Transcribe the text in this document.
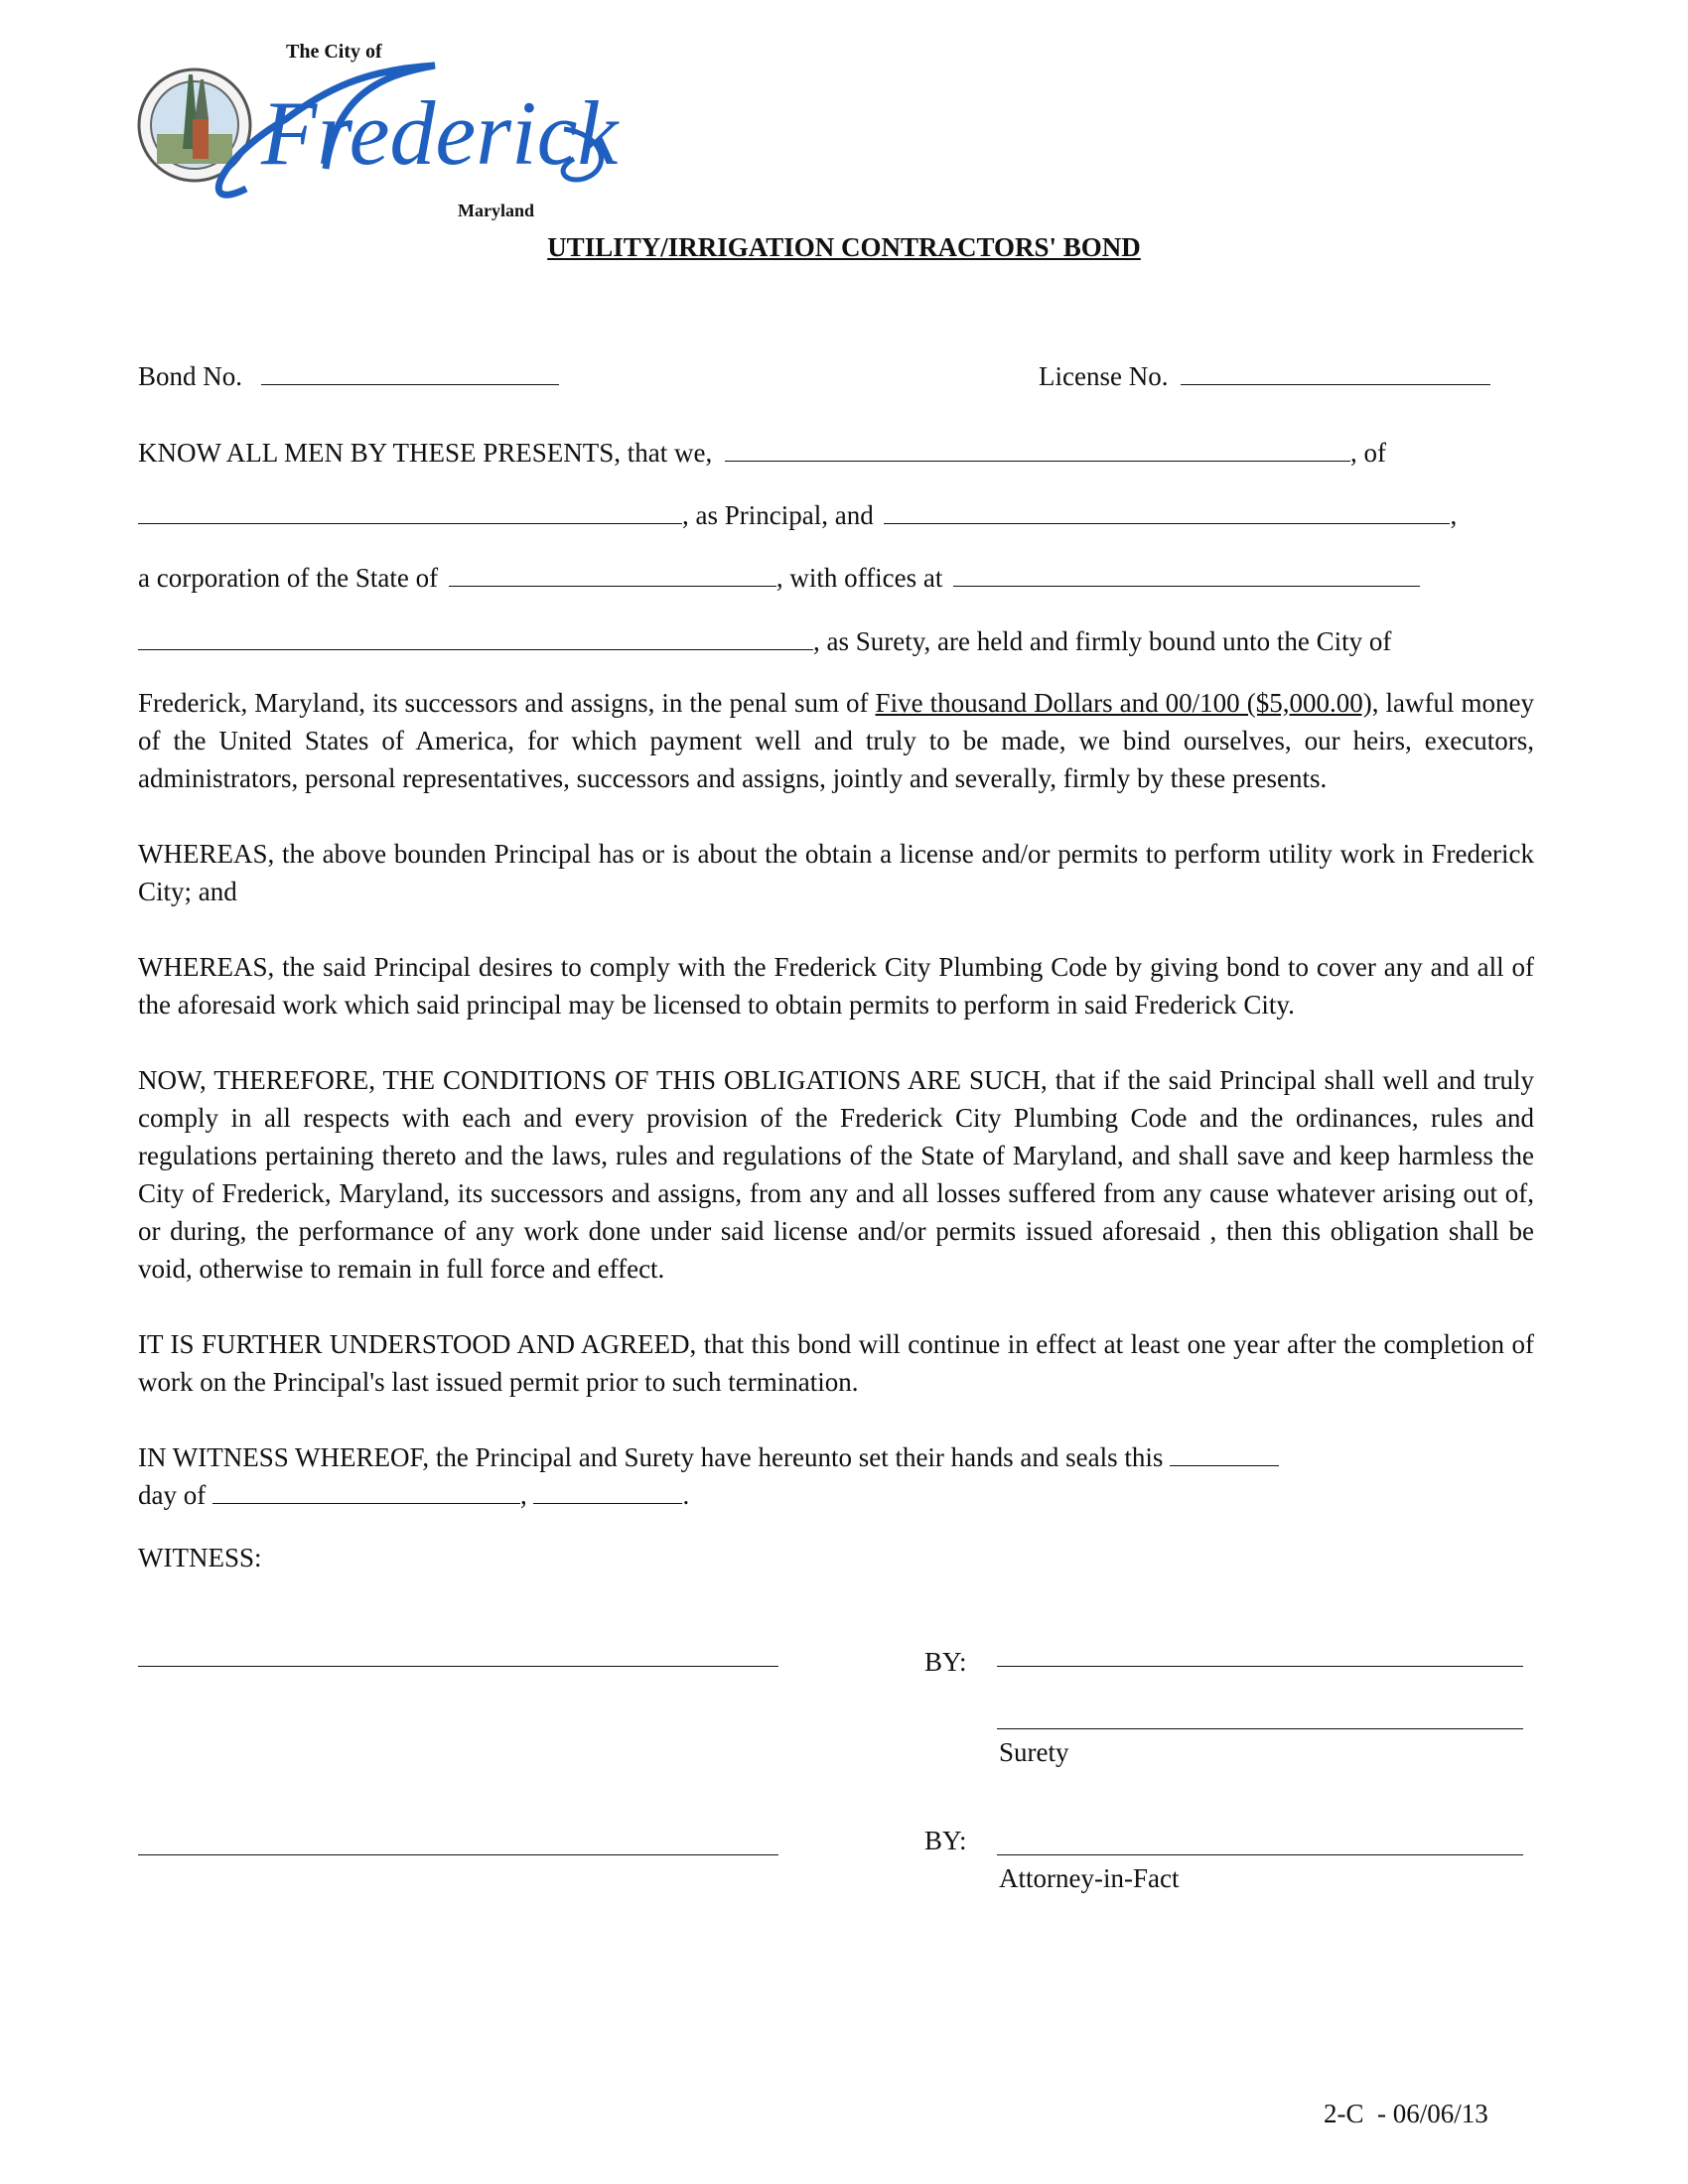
Frederick
The City of
Maryland
UTILITY/IRRIGATION CONTRACTORS' BOND
Bond No.	License No.
KNOW ALL MEN BY THESE PRESENTS, that we,	, of
, as Principal, and	,
a corporation of the State of	, with offices at
, as Surety, are held and firmly bound unto the City of
Frederick, Maryland, its successors and assigns, in the penal sum of Five thousand Dollars and 00/100 ($5,000.00), lawful money of the United States of America, for which payment well and truly to be made, we bind ourselves, our heirs, executors, administrators, personal representatives, successors and assigns, jointly and severally, firmly by these presents.
WHEREAS, the above bounden Principal has or is about the obtain a license and/or permits to perform utility work in Frederick City; and
WHEREAS, the said Principal desires to comply with the Frederick City Plumbing Code by giving bond to cover any and all of the aforesaid work which said principal may be licensed to obtain permits to perform in said Frederick City.
NOW, THEREFORE, THE CONDITIONS OF THIS OBLIGATIONS ARE SUCH, that if the said Principal shall well and truly comply in all respects with each and every provision of the Frederick City Plumbing Code and the ordinances, rules and regulations pertaining thereto and the laws, rules and regulations of the State of Maryland, and shall save and keep harmless the City of Frederick, Maryland, its successors and assigns, from any and all losses suffered from any cause whatever arising out of, or during, the performance of any work done under said license and/or permits issued aforesaid , then this obligation shall be void, otherwise to remain in full force and effect.
IT IS FURTHER UNDERSTOOD AND AGREED, that this bond will continue in effect at least one year after the completion of work on the Principal's last issued permit prior to such termination.
IN WITNESS WHEREOF, the Principal and Surety have hereunto set their hands and seals this
day of	,	.
WITNESS:
BY:
Surety
BY:
Attorney-in-Fact
2-C  - 06/06/13
